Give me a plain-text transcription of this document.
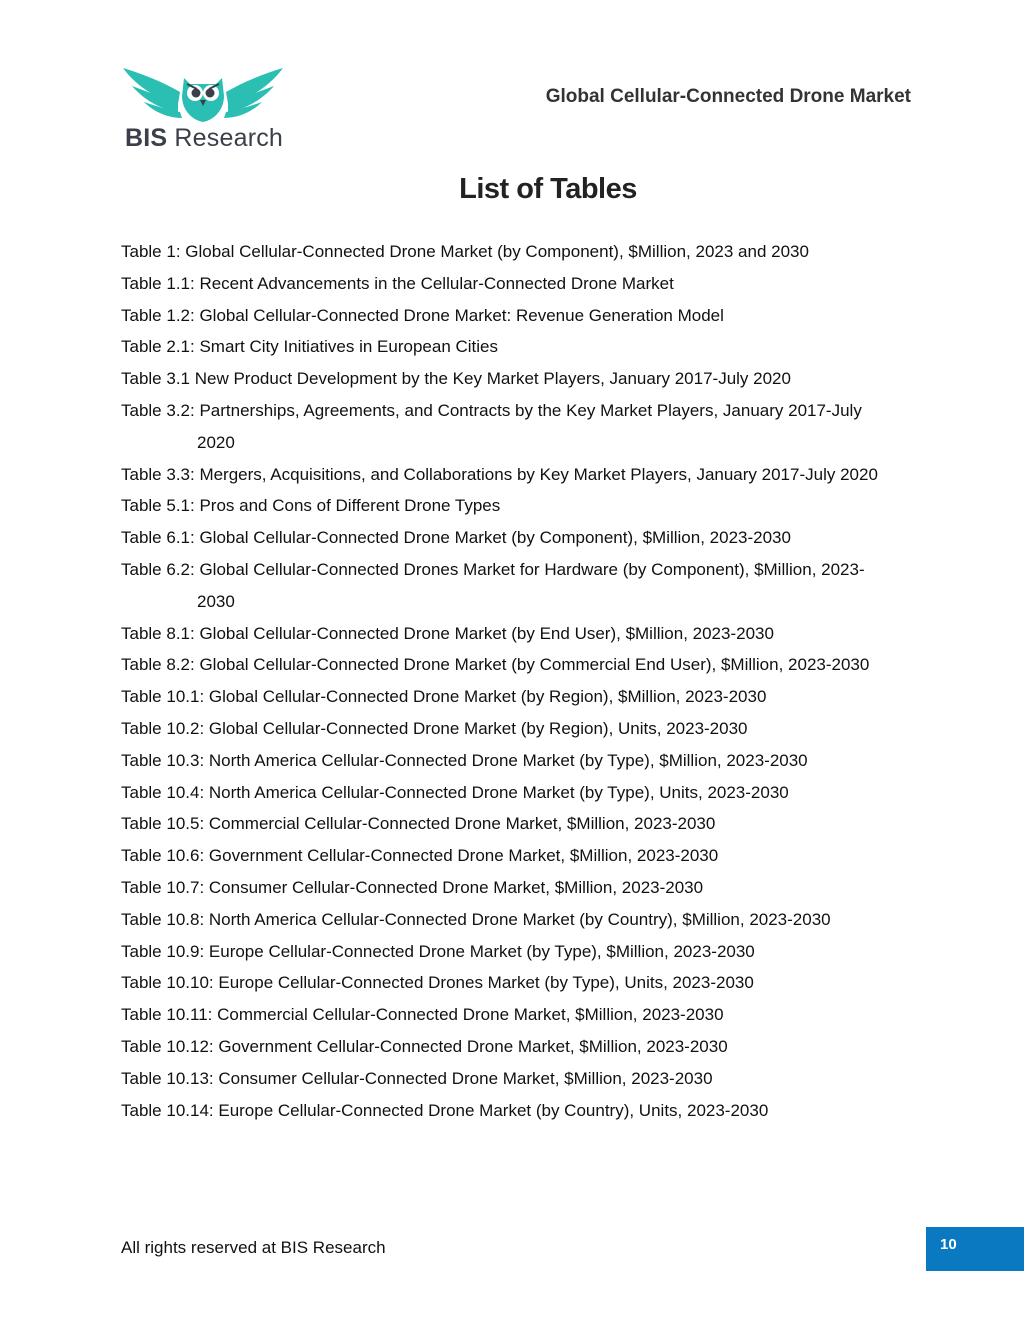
BIS Research
Global Cellular-Connected Drone Market
List of Tables
Table 1: Global Cellular-Connected Drone Market (by Component), $Million, 2023 and 2030
Table 1.1: Recent Advancements in the Cellular-Connected Drone Market
Table 1.2: Global Cellular-Connected Drone Market: Revenue Generation Model
Table 2.1: Smart City Initiatives in European Cities
Table 3.1 New Product Development by the Key Market Players, January 2017-July 2020
Table 3.2: Partnerships, Agreements, and Contracts by the Key Market Players, January 2017-July 2020
Table 3.3: Mergers, Acquisitions, and Collaborations by Key Market Players, January 2017-July 2020
Table 5.1: Pros and Cons of Different Drone Types
Table 6.1: Global Cellular-Connected Drone Market (by Component), $Million, 2023-2030
Table 6.2: Global Cellular-Connected Drones Market for Hardware (by Component), $Million, 2023-2030
Table 8.1: Global Cellular-Connected Drone Market (by End User), $Million, 2023-2030
Table 8.2: Global Cellular-Connected Drone Market (by Commercial End User), $Million, 2023-2030
Table 10.1: Global Cellular-Connected Drone Market (by Region), $Million, 2023-2030
Table 10.2: Global Cellular-Connected Drone Market (by Region), Units, 2023-2030
Table 10.3: North America Cellular-Connected Drone Market (by Type), $Million, 2023-2030
Table 10.4: North America Cellular-Connected Drone Market (by Type), Units, 2023-2030
Table 10.5: Commercial Cellular-Connected Drone Market, $Million, 2023-2030
Table 10.6: Government Cellular-Connected Drone Market, $Million, 2023-2030
Table 10.7: Consumer Cellular-Connected Drone Market, $Million, 2023-2030
Table 10.8: North America Cellular-Connected Drone Market (by Country), $Million, 2023-2030
Table 10.9: Europe Cellular-Connected Drone Market (by Type), $Million, 2023-2030
Table 10.10: Europe Cellular-Connected Drones Market (by Type), Units, 2023-2030
Table 10.11: Commercial Cellular-Connected Drone Market, $Million, 2023-2030
Table 10.12: Government Cellular-Connected Drone Market, $Million, 2023-2030
Table 10.13: Consumer Cellular-Connected Drone Market, $Million, 2023-2030
Table 10.14: Europe Cellular-Connected Drone Market (by Country), Units, 2023-2030
All rights reserved at BIS Research	10
